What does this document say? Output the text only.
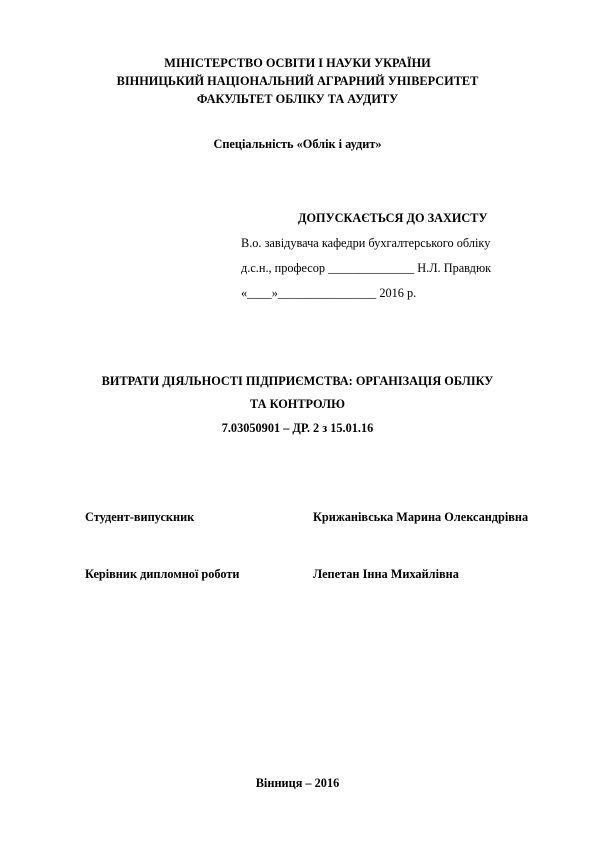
МІНІСТЕРСТВО ОСВІТИ І НАУКИ УКРАЇНИ
ВІННИЦЬКИЙ НАЦІОНАЛЬНИЙ АГРАРНИЙ УНІВЕРСИТЕТ
ФАКУЛЬТЕТ ОБЛІКУ ТА АУДИТУ
Спеціальність «Облік і аудит»
ДОПУСКАЄТЬСЯ ДО ЗАХИСТУ
В.о. завідувача кафедри бухгалтерського обліку
д.с.н., професор ______________ Н.Л. Правдюк
«____»________________ 2016 р.
ВИТРАТИ ДІЯЛЬНОСТІ ПІДПРИЄМСТВА: ОРГАНІЗАЦІЯ ОБЛІКУ
ТА КОНТРОЛЮ
7.03050901 – ДР. 2 з 15.01.16
Студент-випускник	Крижанівська Марина Олександрівна
Керівник дипломної роботи	Лепетан Інна Михайлівна
Вінниця – 2016
